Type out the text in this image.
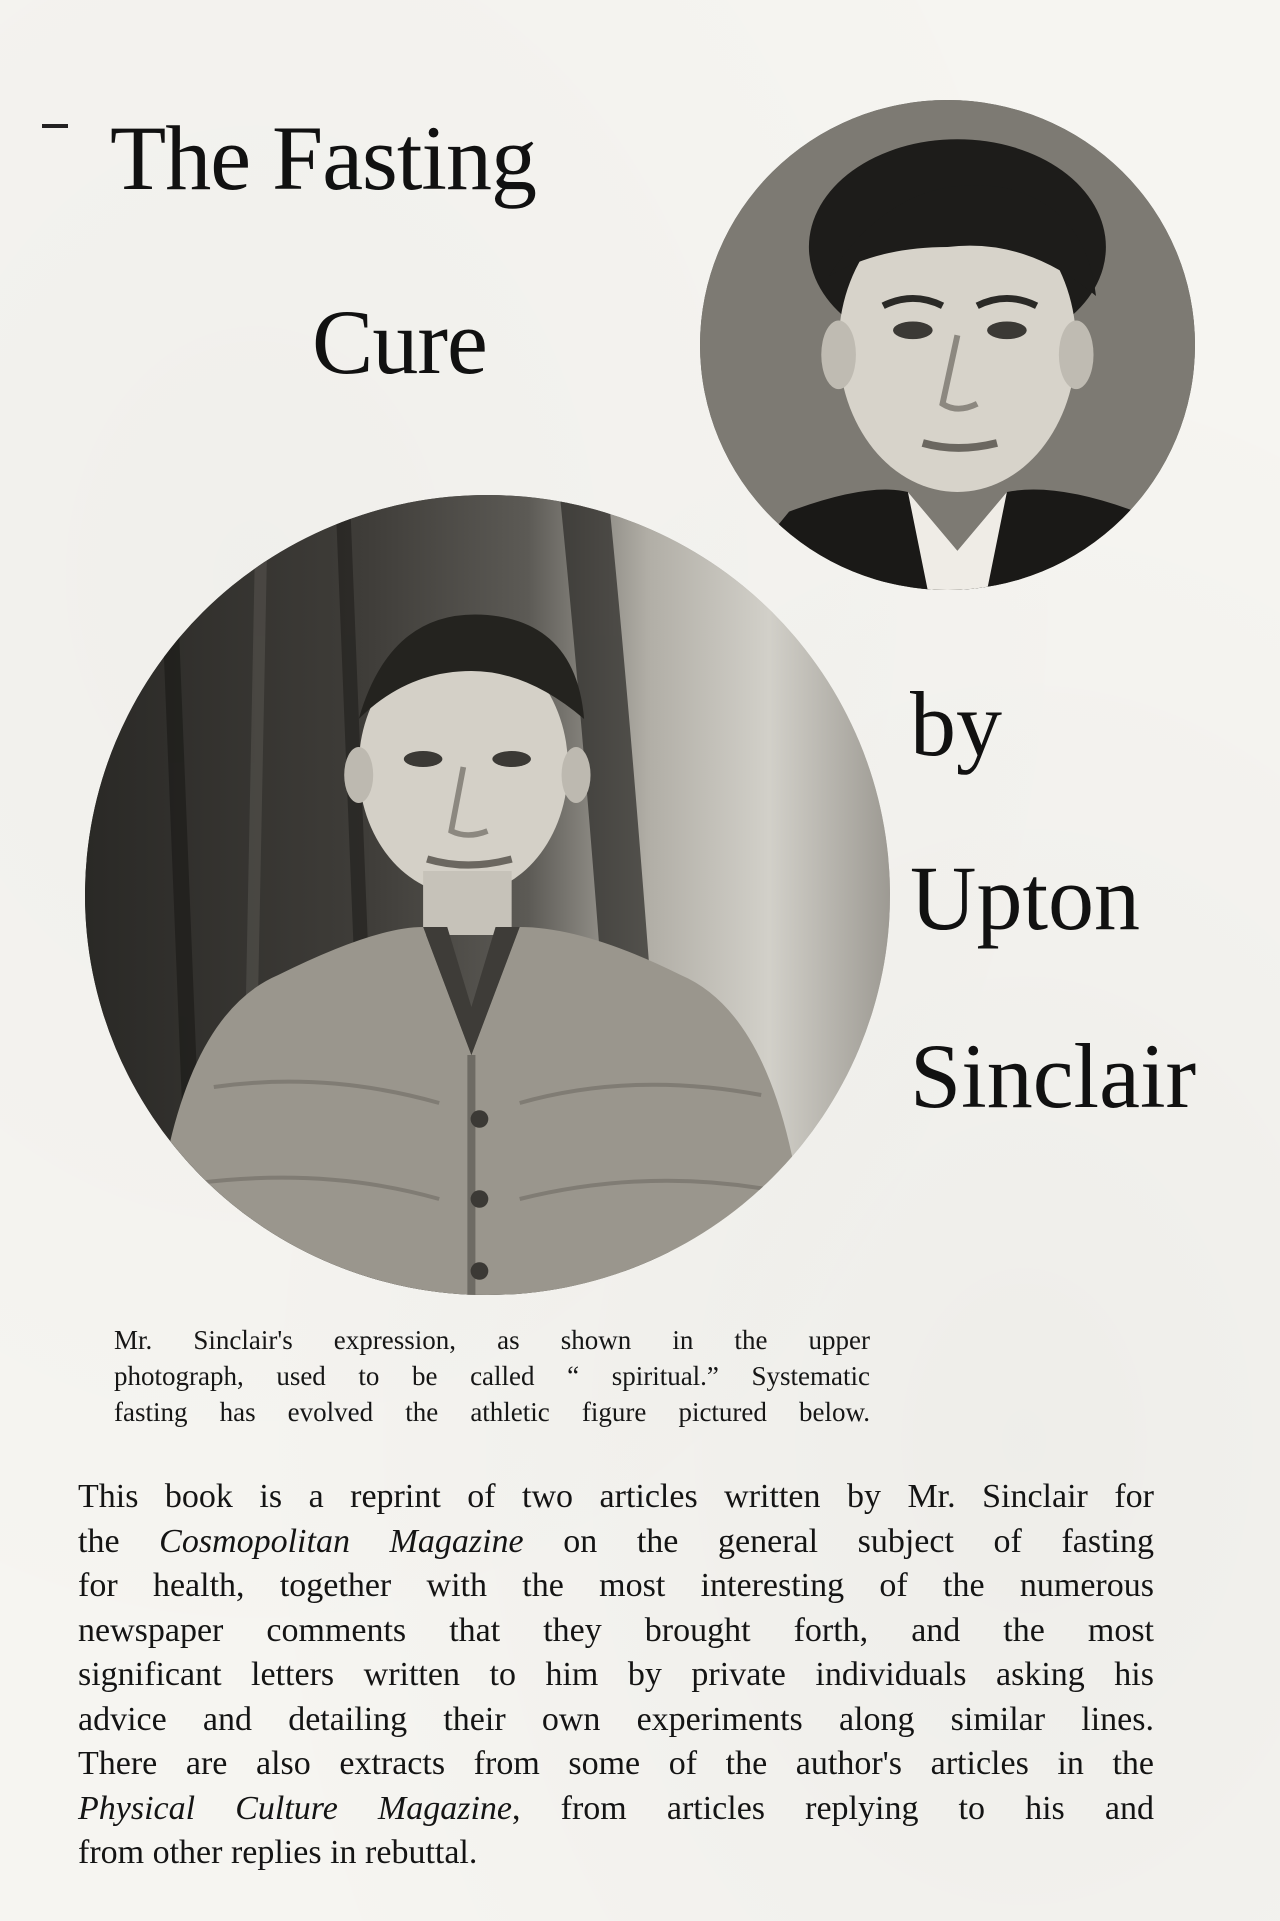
The Fasting
Cure
by
Upton
Sinclair
Mr. Sinclair's expression, as shown in the upper
photograph, used to be called “ spiritual.” Systematic
fasting has evolved the athletic figure pictured below.
This book is a reprint of two articles written by Mr. Sinclair for
the Cosmopolitan Magazine on the general subject of fasting
for health, together with the most interesting of the numerous
newspaper comments that they brought forth, and the most
significant letters written to him by private individuals asking his
advice and detailing their own experiments along similar lines.
There are also extracts from some of the author's articles in the
Physical Culture Magazine, from articles replying to his and
from other replies in rebuttal.
